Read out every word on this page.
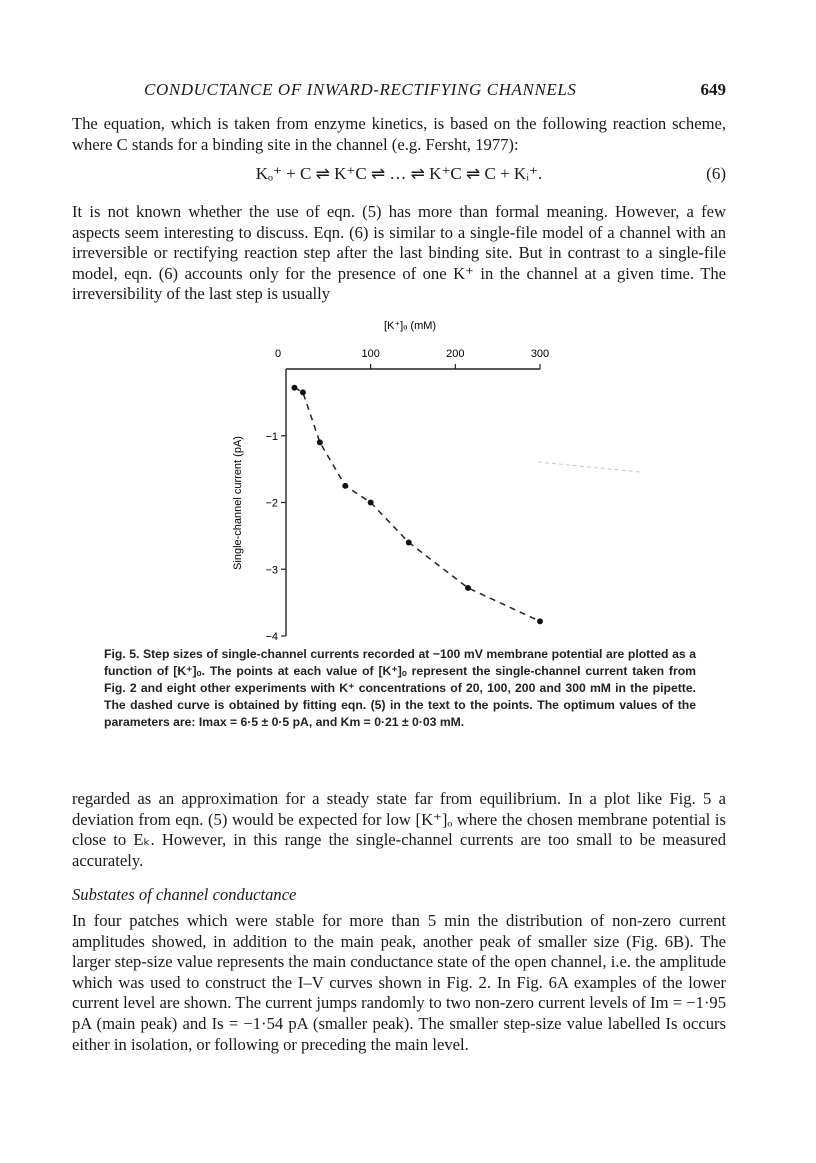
CONDUCTANCE OF INWARD-RECTIFYING CHANNELS	649

The equation, which is taken from enzyme kinetics, is based on the following reaction scheme, where C stands for a binding site in the channel (e.g. Fersht, 1977):

Kₒ⁺ + C ⇌ K⁺C ⇌ … ⇌ K⁺C ⇌ C + Kᵢ⁺.	(6)

It is not known whether the use of eqn. (5) has more than formal meaning. However, a few aspects seem interesting to discuss. Eqn. (6) is similar to a single-file model of a channel with an irreversible or rectifying reaction step after the last binding site. But in contrast to a single-file model, eqn. (6) accounts only for the presence of one K⁺ in the channel at a given time. The irreversibility of the last step is usually

[K⁺]ₒ (mM)
Single-channel current (pA)
0	100	200	300
−1
−2
−3
−4
Fig. 5. Step sizes of single-channel currents recorded at −100 mV membrane potential are plotted as a function of [K⁺]ₒ. The points at each value of [K⁺]ₒ represent the single-channel current taken from Fig. 2 and eight other experiments with K⁺ concentrations of 20, 100, 200 and 300 mM in the pipette. The dashed curve is obtained by fitting eqn. (5) in the text to the points. The optimum values of the parameters are: Imax = 6·5 ± 0·5 pA, and Km = 0·21 ± 0·03 mM.

regarded as an approximation for a steady state far from equilibrium. In a plot like Fig. 5 a deviation from eqn. (5) would be expected for low [K⁺]ₒ where the chosen membrane potential is close to Eₖ. However, in this range the single-channel currents are too small to be measured accurately.

Substates of channel conductance

In four patches which were stable for more than 5 min the distribution of non-zero current amplitudes showed, in addition to the main peak, another peak of smaller size (Fig. 6B). The larger step-size value represents the main conductance state of the open channel, i.e. the amplitude which was used to construct the I–V curves shown in Fig. 2. In Fig. 6A examples of the lower current level are shown. The current jumps randomly to two non-zero current levels of Im = −1·95 pA (main peak) and Is = −1·54 pA (smaller peak). The smaller step-size value labelled Is occurs either in isolation, or following or preceding the main level.
